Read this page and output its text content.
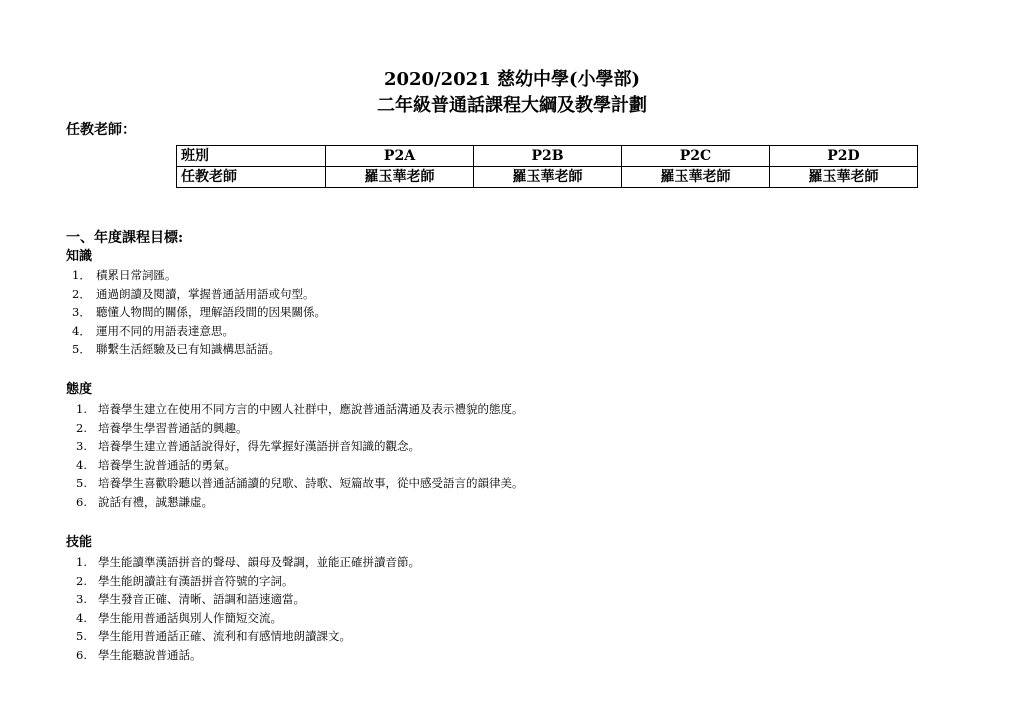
2020/2021 慈幼中學(小學部)
二年級普通話課程大綱及教學計劃
任教老師：
班別	P2A	P2B	P2C	P2D
任教老師	羅玉華老師	羅玉華老師	羅玉華老師	羅玉華老師
一、年度課程目標:
知識
1． 積累日常詞匯。
2． 通過朗讀及閱讀，掌握普通話用語或句型。
3． 聽懂人物間的關係，理解語段間的因果關係。
4． 運用不同的用語表達意思。
5． 聯繫生活經驗及已有知識構思話語。
態度
1. 培養學生建立在使用不同方言的中國人社群中，應說普通話溝通及表示禮貌的態度。
2. 培養學生學習普通話的興趣。
3. 培養學生建立普通話說得好，得先掌握好漢語拼音知識的觀念。
4. 培養學生說普通話的勇氣。
5. 培養學生喜歡聆聽以普通話誦讀的兒歌、詩歌、短篇故事，從中感受語言的韻律美。
6. 說話有禮，誠懇謙虛。
技能
1. 學生能讀準漢語拼音的聲母、韻母及聲調，並能正確拼讀音節。
2. 學生能朗讀註有漢語拼音符號的字詞。
3. 學生發音正確、清晰、語調和語速適當。
4. 學生能用普通話與別人作簡短交流。
5. 學生能用普通話正確、流利和有感情地朗讀課文。
6. 學生能聽說普通話。
